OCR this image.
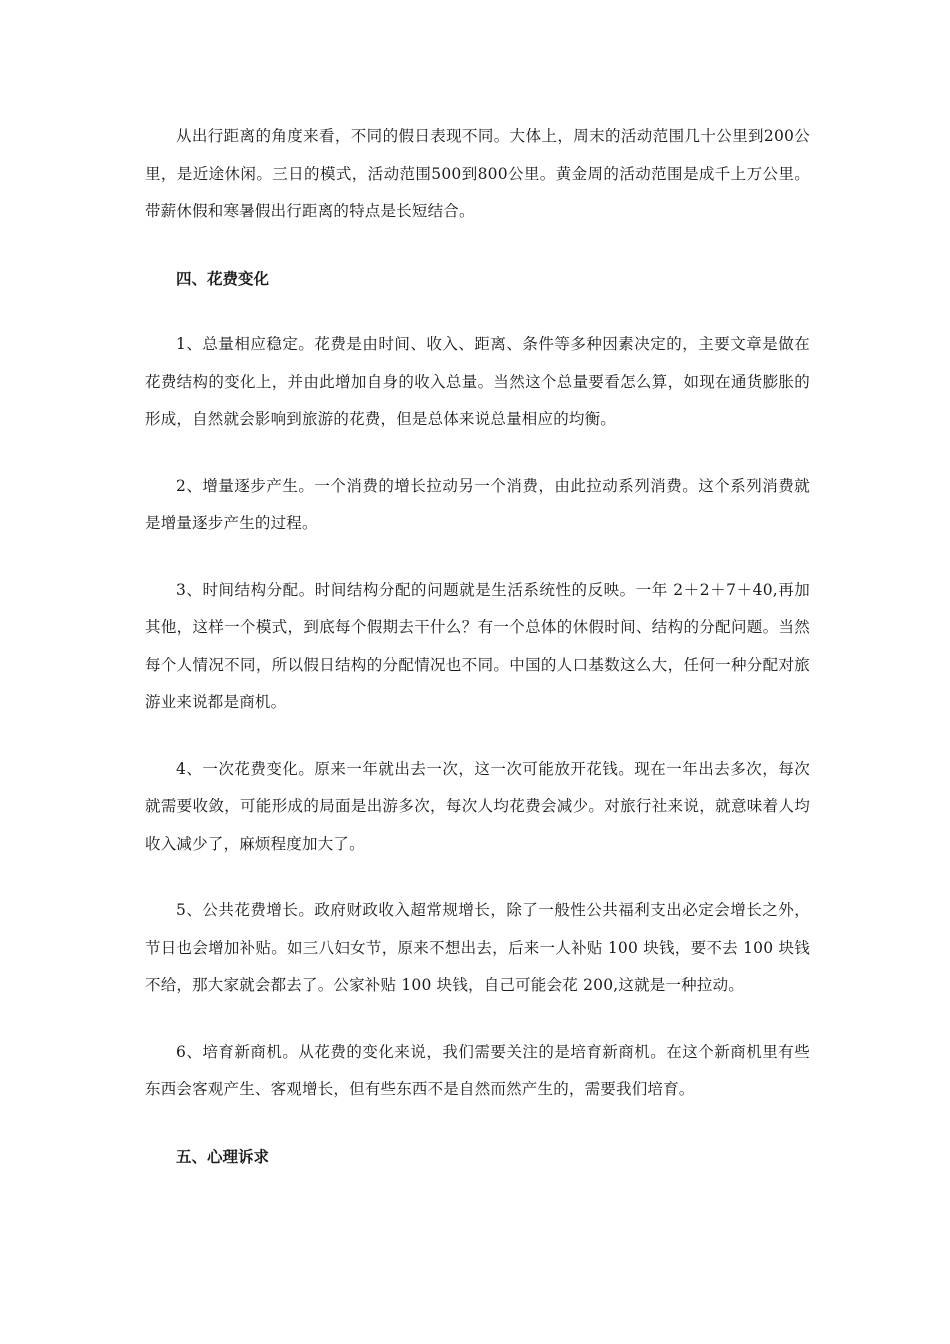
从出行距离的角度来看，不同的假日表现不同。大体上，周末的活动范围几十公里到200公里，是近途休闲。三日的模式，活动范围500到800公里。黄金周的活动范围是成千上万公里。带薪休假和寒暑假出行距离的特点是长短结合。

四、花费变化

1、总量相应稳定。花费是由时间、收入、距离、条件等多种因素决定的，主要文章是做在花费结构的变化上，并由此增加自身的收入总量。当然这个总量要看怎么算，如现在通货膨胀的形成，自然就会影响到旅游的花费，但是总体来说总量相应的均衡。

2、增量逐步产生。一个消费的增长拉动另一个消费，由此拉动系列消费。这个系列消费就是增量逐步产生的过程。

3、时间结构分配。时间结构分配的问题就是生活系统性的反映。一年 2＋2＋7＋40,再加其他，这样一个模式，到底每个假期去干什么？有一个总体的休假时间、结构的分配问题。当然每个人情况不同，所以假日结构的分配情况也不同。中国的人口基数这么大，任何一种分配对旅游业来说都是商机。

4、一次花费变化。原来一年就出去一次，这一次可能放开花钱。现在一年出去多次，每次就需要收敛，可能形成的局面是出游多次，每次人均花费会减少。对旅行社来说，就意味着人均收入减少了，麻烦程度加大了。

5、公共花费增长。政府财政收入超常规增长，除了一般性公共福利支出必定会增长之外，节日也会增加补贴。如三八妇女节，原来不想出去，后来一人补贴 100 块钱，要不去 100 块钱不给，那大家就会都去了。公家补贴 100 块钱，自己可能会花 200,这就是一种拉动。

6、培育新商机。从花费的变化来说，我们需要关注的是培育新商机。在这个新商机里有些东西会客观产生、客观增长，但有些东西不是自然而然产生的，需要我们培育。

五、心理诉求
